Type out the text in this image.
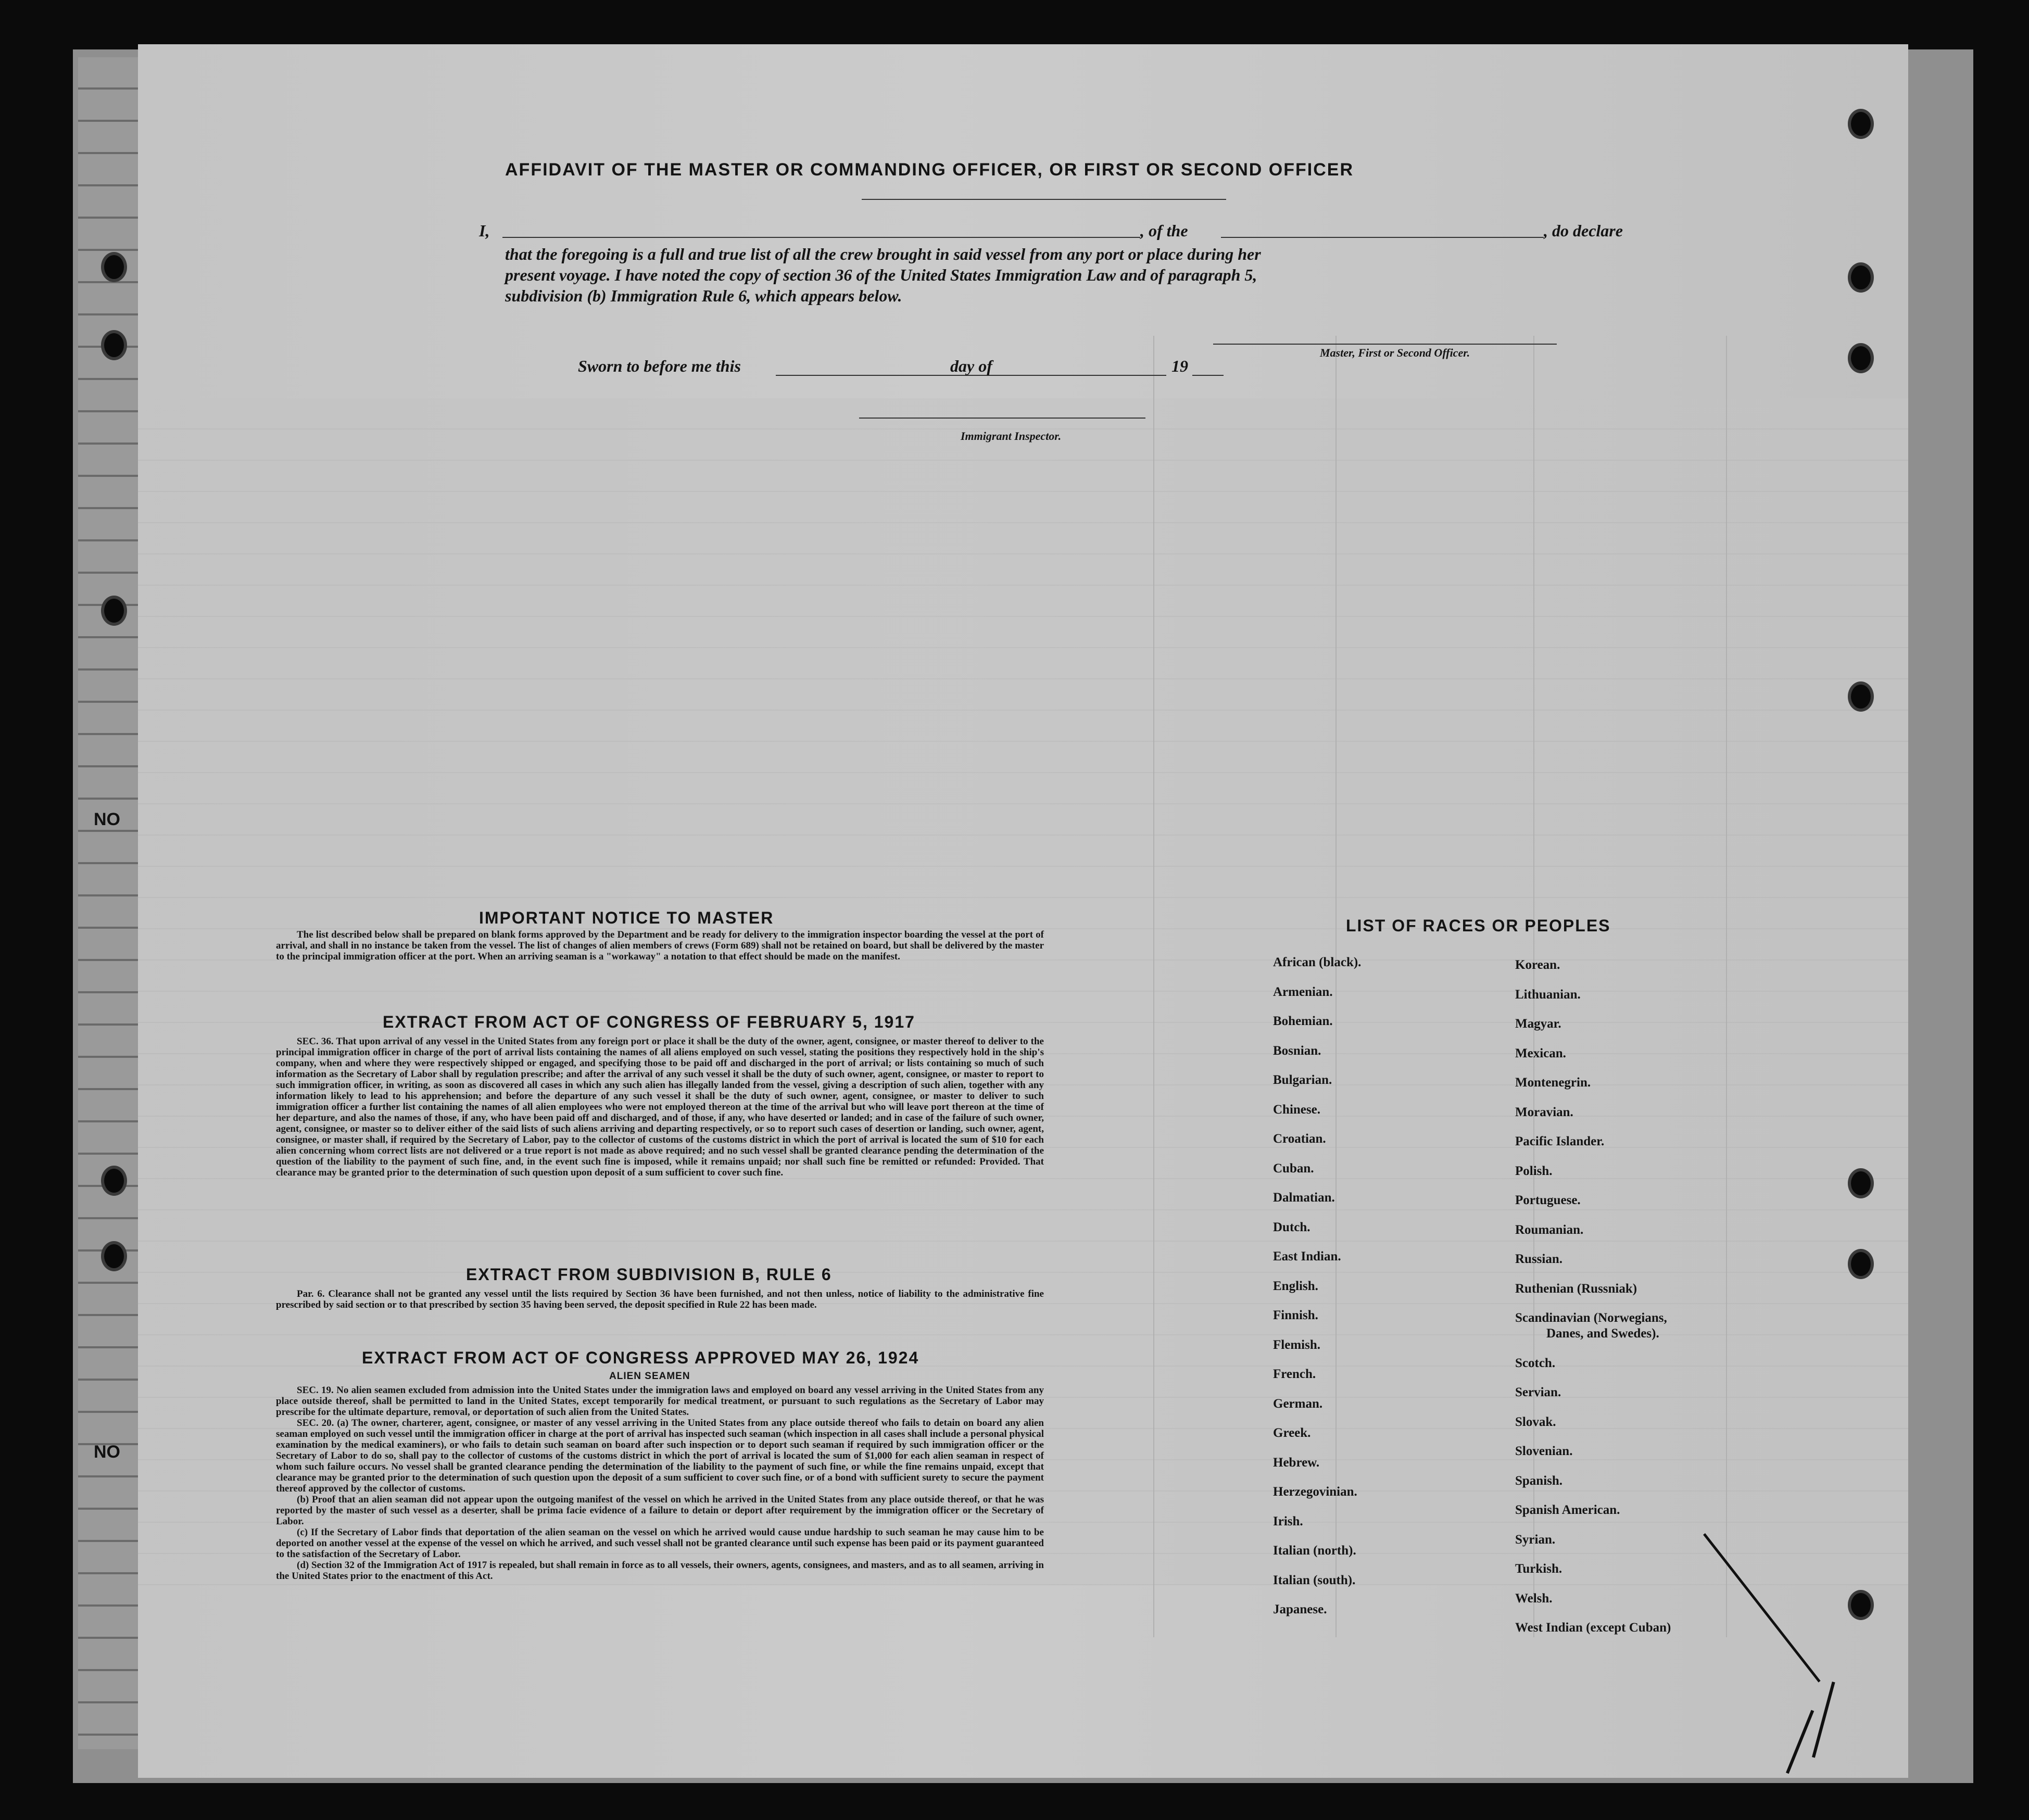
NO
NO
AFFIDAVIT OF THE MASTER OR COMMANDING OFFICER, OR FIRST OR SECOND OFFICER
I,	, of the	, do declare
that the foregoing is a full and true list of all the crew brought in said vessel from any port or place during her
present voyage. I have noted the copy of section 36 of the United States Immigration Law and of paragraph 5,
subdivision (b) Immigration Rule 6, which appears below.
Master, First or Second Officer.
Sworn to before me this	day of	19
Immigrant Inspector.
IMPORTANT NOTICE TO MASTER

The list described below shall be prepared on blank forms approved by the Department and be ready for delivery to the immigration inspector boarding the vessel at the port of arrival, and shall in no instance be taken from the vessel. The list of changes of alien members of crews (Form 689) shall not be retained on board, but shall be delivered by the master to the principal immigration officer at the port. When an arriving seaman is a "workaway" a notation to that effect should be made on the manifest.

EXTRACT FROM ACT OF CONGRESS OF FEBRUARY 5, 1917

SEC. 36. That upon arrival of any vessel in the United States from any foreign port or place it shall be the duty of the owner, agent, consignee, or master thereof to deliver to the principal immigration officer in charge of the port of arrival lists containing the names of all aliens employed on such vessel, stating the positions they respectively hold in the ship's company, when and where they were respectively shipped or engaged, and specifying those to be paid off and discharged in the port of arrival; or lists containing so much of such information as the Secretary of Labor shall by regulation prescribe; and after the arrival of any such vessel it shall be the duty of such owner, agent, consignee, or master to report to such immigration officer, in writing, as soon as discovered all cases in which any such alien has illegally landed from the vessel, giving a description of such alien, together with any information likely to lead to his apprehension; and before the departure of any such vessel it shall be the duty of such owner, agent, consignee, or master to deliver to such immigration officer a further list containing the names of all alien employees who were not employed thereon at the time of the arrival but who will leave port thereon at the time of her departure, and also the names of those, if any, who have been paid off and discharged, and of those, if any, who have deserted or landed; and in case of the failure of such owner, agent, consignee, or master so to deliver either of the said lists of such aliens arriving and departing respectively, or so to report such cases of desertion or landing, such owner, agent, consignee, or master shall, if required by the Secretary of Labor, pay to the collector of customs of the customs district in which the port of arrival is located the sum of $10 for each alien concerning whom correct lists are not delivered or a true report is not made as above required; and no such vessel shall be granted clearance pending the determination of the question of the liability to the payment of such fine, and, in the event such fine is imposed, while it remains unpaid; nor shall such fine be remitted or refunded: Provided. That clearance may be granted prior to the determination of such question upon deposit of a sum sufficient to cover such fine.

EXTRACT FROM SUBDIVISION B, RULE 6

Par. 6. Clearance shall not be granted any vessel until the lists required by Section 36 have been furnished, and not then unless, notice of liability to the administrative fine prescribed by said section or to that prescribed by section 35 having been served, the deposit specified in Rule 22 has been made.

EXTRACT FROM ACT OF CONGRESS APPROVED MAY 26, 1924
ALIEN SEAMEN

SEC. 19. No alien seamen excluded from admission into the United States under the immigration laws and employed on board any vessel arriving in the United States from any place outside thereof, shall be permitted to land in the United States, except temporarily for medical treatment, or pursuant to such regulations as the Secretary of Labor may prescribe for the ultimate departure, removal, or deportation of such alien from the United States.

SEC. 20. (a) The owner, charterer, agent, consignee, or master of any vessel arriving in the United States from any place outside thereof who fails to detain on board any alien seaman employed on such vessel until the immigration officer in charge at the port of arrival has inspected such seaman (which inspection in all cases shall include a personal physical examination by the medical examiners), or who fails to detain such seaman on board after such inspection or to deport such seaman if required by such immigration officer or the Secretary of Labor to do so, shall pay to the collector of customs of the customs district in which the port of arrival is located the sum of $1,000 for each alien seaman in respect of whom such failure occurs. No vessel shall be granted clearance pending the determination of the liability to the payment of such fine, or while the fine remains unpaid, except that clearance may be granted prior to the determination of such question upon the deposit of a sum sufficient to cover such fine, or of a bond with sufficient surety to secure the payment thereof approved by the collector of customs.

(b) Proof that an alien seaman did not appear upon the outgoing manifest of the vessel on which he arrived in the United States from any place outside thereof, or that he was reported by the master of such vessel as a deserter, shall be prima facie evidence of a failure to detain or deport after requirement by the immigration officer or the Secretary of Labor.

(c) If the Secretary of Labor finds that deportation of the alien seaman on the vessel on which he arrived would cause undue hardship to such seaman he may cause him to be deported on another vessel at the expense of the vessel on which he arrived, and such vessel shall not be granted clearance until such expense has been paid or its payment guaranteed to the satisfaction of the Secretary of Labor.

(d) Section 32 of the Immigration Act of 1917 is repealed, but shall remain in force as to all vessels, their owners, agents, consignees, and masters, and as to all seamen, arriving in the United States prior to the enactment of this Act.

LIST OF RACES OR PEOPLES
African (black).
Armenian.
Bohemian.
Bosnian.
Bulgarian.
Chinese.
Croatian.
Cuban.
Dalmatian.
Dutch.
East Indian.
English.
Finnish.
Flemish.
French.
German.
Greek.
Hebrew.
Herzegovinian.
Irish.
Italian (north).
Italian (south).
Japanese.
Korean.
Lithuanian.
Magyar.
Mexican.
Montenegrin.
Moravian.
Pacific Islander.
Polish.
Portuguese.
Roumanian.
Russian.
Ruthenian (Russniak)
Scandinavian (Norwegians,
Danes, and Swedes).
Scotch.
Servian.
Slovak.
Slovenian.
Spanish.
Spanish American.
Syrian.
Turkish.
Welsh.
West Indian (except Cuban)
